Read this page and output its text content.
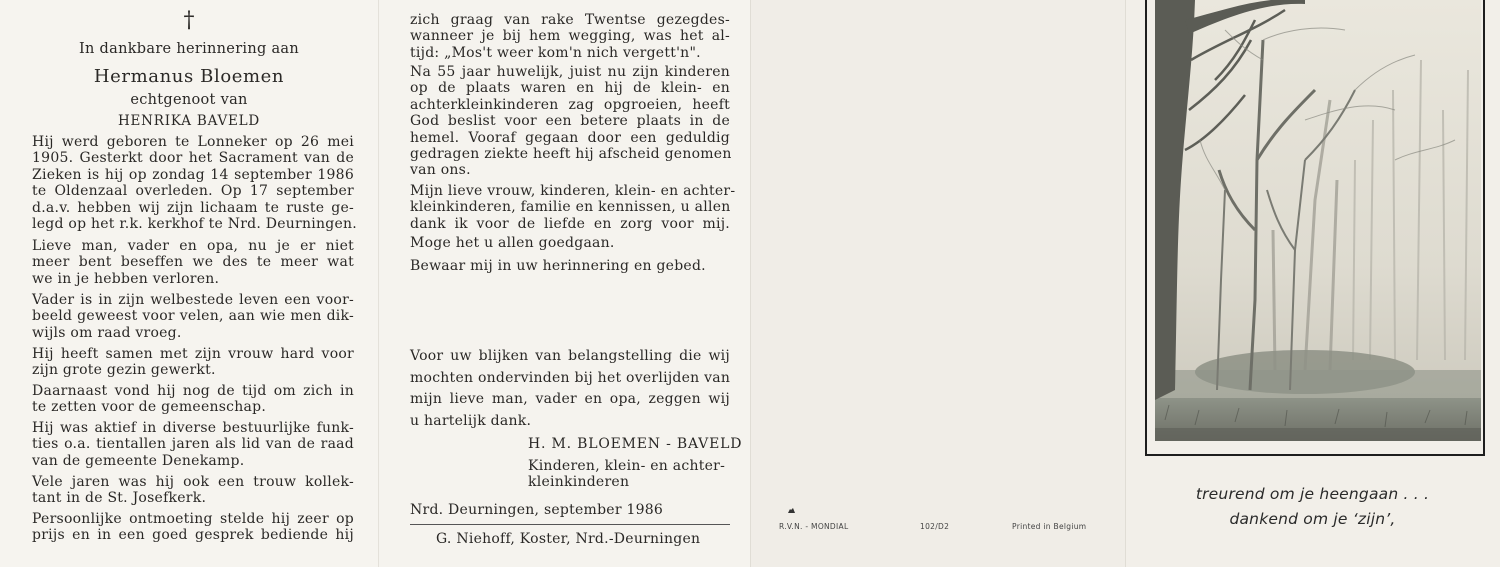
†
In dankbare herinnering aan
Hermanus Bloemen
echtgenoot van
HENRIKA BAVELD
Hij werd geboren te Lonneker op 26 mei
1905. Gesterkt door het Sacrament van de
Zieken is hij op zondag 14 september 1986
te Oldenzaal overleden. Op 17 september
d.a.v. hebben wij zijn lichaam te ruste ge-
legd op het r.k. kerkhof te Nrd. Deurningen.
Lieve man, vader en opa, nu je er niet
meer bent beseffen we des te meer wat
we in je hebben verloren.
Vader is in zijn welbestede leven een voor-
beeld geweest voor velen, aan wie men dik-
wijls om raad vroeg.
Hij heeft samen met zijn vrouw hard voor
zijn grote gezin gewerkt.
Daarnaast vond hij nog de tijd om zich in
te zetten voor de gemeenschap.
Hij was aktief in diverse bestuurlijke funk-
ties o.a. tientallen jaren als lid van de raad
van de gemeente Denekamp.
Vele jaren was hij ook een trouw kollek-
tant in de St. Josefkerk.
Persoonlijke ontmoeting stelde hij zeer op
prijs en in een goed gesprek bediende hij
zich graag van rake Twentse gezegdes-
wanneer je bij hem wegging, was het al-
tijd: „Mos't weer kom'n nich vergett'n".
Na 55 jaar huwelijk, juist nu zijn kinderen
op de plaats waren en hij de klein- en
achterkleinkinderen zag opgroeien, heeft
God beslist voor een betere plaats in de
hemel. Vooraf gegaan door een geduldig
gedragen ziekte heeft hij afscheid genomen
van ons.
Mijn lieve vrouw, kinderen, klein- en achter-
kleinkinderen, familie en kennissen, u allen
dank ik voor de liefde en zorg voor mij.
Moge het u allen goedgaan.
Bewaar mij in uw herinnering en gebed.
Voor uw blijken van belangstelling die wij
mochten ondervinden bij het overlijden van
mijn lieve man, vader en opa, zeggen wij
u hartelijk dank.
H. M. BLOEMEN - BAVELD
Kinderen, klein- en achter-
kleinkinderen
Nrd. Deurningen, september 1986
G. Niehoff, Koster, Nrd.-Deurningen
R.V.N. - MONDIAL	102/D2	Printed in Belgium
treurend om je heengaan . . .
dankend om je ‘zijn’,
